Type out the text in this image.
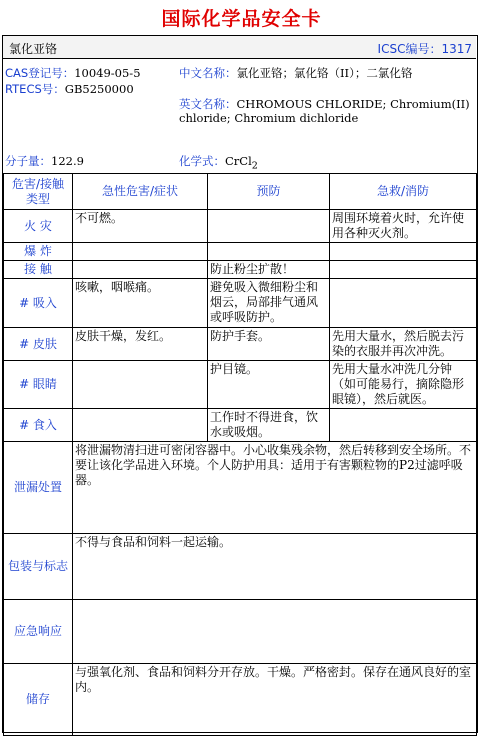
国际化学品安全卡
氯化亚铬	ICSC编号：1317
CAS登记号：10049-05-5
RTECS号：GB5250000
中文名称：氯化亚铬；氯化铬（II）；二氯化铬
英文名称：CHROMOUS CHLORIDE; Chromium(II)
chloride; Chromium dichloride
分子量：122.9	化学式：CrCl$_2$
危害/接触类型	急性危害/症状	预防	急救/消防
火 灾	不可燃。		周围环境着火时，允许使用各种灭火剂。
爆 炸			
接 触		防止粉尘扩散！	
# 吸入	咳嗽，咽喉痛。	避免吸入微细粉尘和烟云，局部排气通风或呼吸防护。	
# 皮肤	皮肤干燥，发红。	防护手套。	先用大量水，然后脱去污染的衣服并再次冲洗。
# 眼睛		护目镜。	先用大量水冲洗几分钟（如可能易行，摘除隐形眼镜），然后就医。
# 食入		工作时不得进食，饮水或吸烟。	
泄漏处置	将泄漏物清扫进可密闭容器中。小心收集残余物，然后转移到安全场所。不要让该化学品进入环境。个人防护用具：适用于有害颗粒物的P2过滤呼吸器。		
包装与标志	不得与食品和饲料一起运输。		
应急响应			
储存	与强氧化剂、食品和饲料分开存放。干燥。严格密封。保存在通风良好的室内。		
